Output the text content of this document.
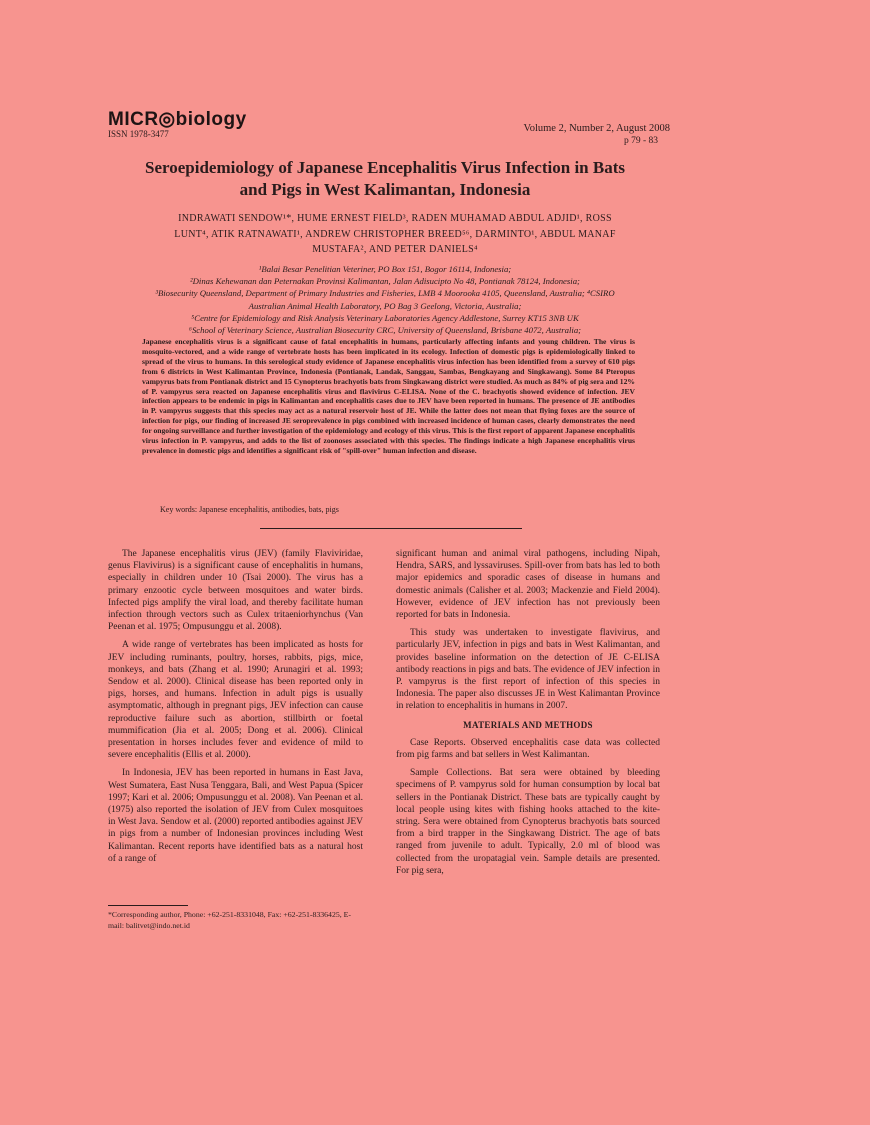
MICR◎biology
ISSN 1978-3477	Volume 2, Number 2, August 2008
p 79 - 83
Seroepidemiology of Japanese Encephalitis Virus Infection in Bats and Pigs in West Kalimantan, Indonesia
INDRAWATI SENDOW¹*, HUME ERNEST FIELD³, RADEN MUHAMAD ABDUL ADJID¹, ROSS LUNT⁴, ATIK RATNAWATI¹, ANDREW CHRISTOPHER BREED⁵⁶, DARMINTO¹, ABDUL MANAF MUSTAFA², AND PETER DANIELS⁴
¹Balai Besar Penelitian Veteriner, PO Box 151, Bogor 16114, Indonesia;
²Dinas Kehewanan dan Peternakan Provinsi Kalimantan, Jalan Adisucipto No 48, Pontianak 78124, Indonesia;
³Biosecurity Queensland, Department of Primary Industries and Fisheries, LMB 4 Moorooka 4105, Queensland, Australia; ⁴CSIRO Australian Animal Health Laboratory, PO Bag 3 Geelong, Victoria, Australia;
⁵Centre for Epidemiology and Risk Analysis Veterinary Laboratories Agency Addlestone, Surrey KT15 3NB UK
⁶School of Veterinary Science, Australian Biosecurity CRC, University of Queensland, Brisbane 4072, Australia;
Japanese encephalitis virus is a significant cause of fatal encephalitis in humans, particularly affecting infants and young children. The virus is mosquito-vectored, and a wide range of vertebrate hosts has been implicated in its ecology. Infection of domestic pigs is epidemiologically linked to spread of the virus to humans. In this serological study evidence of Japanese encephalitis virus infection has been identified from a survey of 610 pigs from 6 districts in West Kalimantan Province, Indonesia (Pontianak, Landak, Sanggau, Sambas, Bengkayang and Singkawang). Some 84 Pteropus vampyrus bats from Pontianak district and 15 Cynopterus brachyotis bats from Singkawang district were studied. As much as 84% of pig sera and 12% of P. vampyrus sera reacted on Japanese encephalitis virus and flavivirus C-ELISA. None of the C. brachyotis showed evidence of infection. JEV infection appears to be endemic in pigs in Kalimantan and encephalitis cases due to JEV have been reported in humans. The presence of JE antibodies in P. vampyrus suggests that this species may act as a natural reservoir host of JE. While the latter does not mean that flying foxes are the source of infection for pigs, our finding of increased JE seroprevalence in pigs combined with increased incidence of human cases, clearly demonstrates the need for ongoing surveillance and further investigation of the epidemiology and ecology of this virus. This is the first report of apparent Japanese encephalitis virus infection in P. vampyrus, and adds to the list of zoonoses associated with this species. The findings indicate a high Japanese encephalitis virus prevalence in domestic pigs and identifies a significant risk of "spill-over" human infection and disease.
Key words: Japanese encephalitis, antibodies, bats, pigs

The Japanese encephalitis virus (JEV) (family Flaviviridae, genus Flavivirus) is a significant cause of encephalitis in humans, especially in children under 10 (Tsai 2000). The virus has a primary enzootic cycle between mosquitoes and water birds. Infected pigs amplify the viral load, and thereby facilitate human infection through vectors such as Culex tritaeniorhynchus (Van Peenan et al. 1975; Ompusunggu et al. 2008).

A wide range of vertebrates has been implicated as hosts for JEV including ruminants, poultry, horses, rabbits, pigs, mice, monkeys, and bats (Zhang et al. 1990; Arunagiri et al. 1993; Sendow et al. 2000). Clinical disease has been reported only in pigs, horses, and humans. Infection in adult pigs is usually asymptomatic, although in pregnant pigs, JEV infection can cause reproductive failure such as abortion, stillbirth or foetal mummification (Jia et al. 2005; Dong et al. 2006). Clinical presentation in horses includes fever and evidence of mild to severe encephalitis (Ellis et al. 2000).

In Indonesia, JEV has been reported in humans in East Java, West Sumatera, East Nusa Tenggara, Bali, and West Papua (Spicer 1997; Kari et al. 2006; Ompusunggu et al. 2008). Van Peenan et al. (1975) also reported the isolation of JEV from Culex mosquitoes in West Java. Sendow et al. (2000) reported antibodies against JEV in pigs from a number of Indonesian provinces including West Kalimantan. Recent reports have identified bats as a natural host of a range of

*Corresponding author, Phone: +62-251-8331048, Fax: +62-251-8336425, E-mail: balitvet@indo.net.id

significant human and animal viral pathogens, including Nipah, Hendra, SARS, and lyssaviruses. Spill-over from bats has led to both major epidemics and sporadic cases of disease in humans and domestic animals (Calisher et al. 2003; Mackenzie and Field 2004). However, evidence of JEV infection has not previously been reported for bats in Indonesia.

This study was undertaken to investigate flavivirus, and particularly JEV, infection in pigs and bats in West Kalimantan, and provides baseline information on the detection of JE C-ELISA antibody reactions in pigs and bats. The evidence of JEV infection in P. vampyrus is the first report of infection of this species in Indonesia. The paper also discusses JE in West Kalimantan Province in relation to encephalitis in humans in 2007.

MATERIALS AND METHODS

Case Reports. Observed encephalitis case data was collected from pig farms and bat sellers in West Kalimantan.

Sample Collections. Bat sera were obtained by bleeding specimens of P. vampyrus sold for human consumption by local bat sellers in the Pontianak District. These bats are typically caught by local people using kites with fishing hooks attached to the kite-string. Sera were obtained from Cynopterus brachyotis bats sourced from a bird trapper in the Singkawang District. The age of bats ranged from juvenile to adult. Typically, 2.0 ml of blood was collected from the uropatagial vein. Sample details are presented. For pig sera,
